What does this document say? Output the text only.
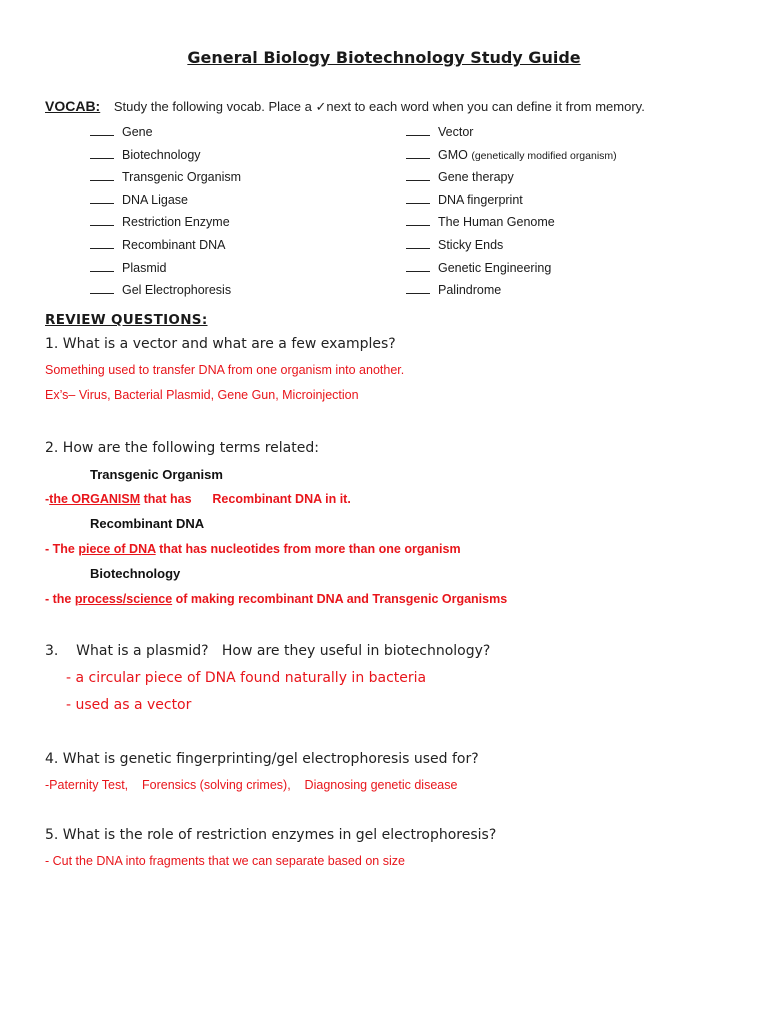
General Biology Biotechnology Study Guide
VOCAB: Study the following vocab. Place a ✓next to each word when you can define it from memory.
Gene
Biotechnology
Transgenic Organism
DNA Ligase
Restriction Enzyme
Recombinant DNA
Plasmid
Gel Electrophoresis
Vector
GMO (genetically modified organism)
Gene therapy
DNA fingerprint
The Human Genome
Sticky Ends
Genetic Engineering
Palindrome
REVIEW QUESTIONS:
1. What is a vector and what are a few examples?
Something used to transfer DNA from one organism into another.
Ex’s– Virus, Bacterial Plasmid, Gene Gun, Microinjection
2. How are the following terms related:
Transgenic Organism
-the ORGANISM that has      Recombinant DNA in it.
Recombinant DNA
- The piece of DNA that has nucleotides from more than one organism
Biotechnology
- the process/science of making recombinant DNA and Transgenic Organisms
3.    What is a plasmid?   How are they useful in biotechnology?
- a circular piece of DNA found naturally in bacteria
- used as a vector
4. What is genetic fingerprinting/gel electrophoresis used for?
-Paternity Test,    Forensics (solving crimes),    Diagnosing genetic disease
5. What is the role of restriction enzymes in gel electrophoresis?
- Cut the DNA into fragments that we can separate based on size
